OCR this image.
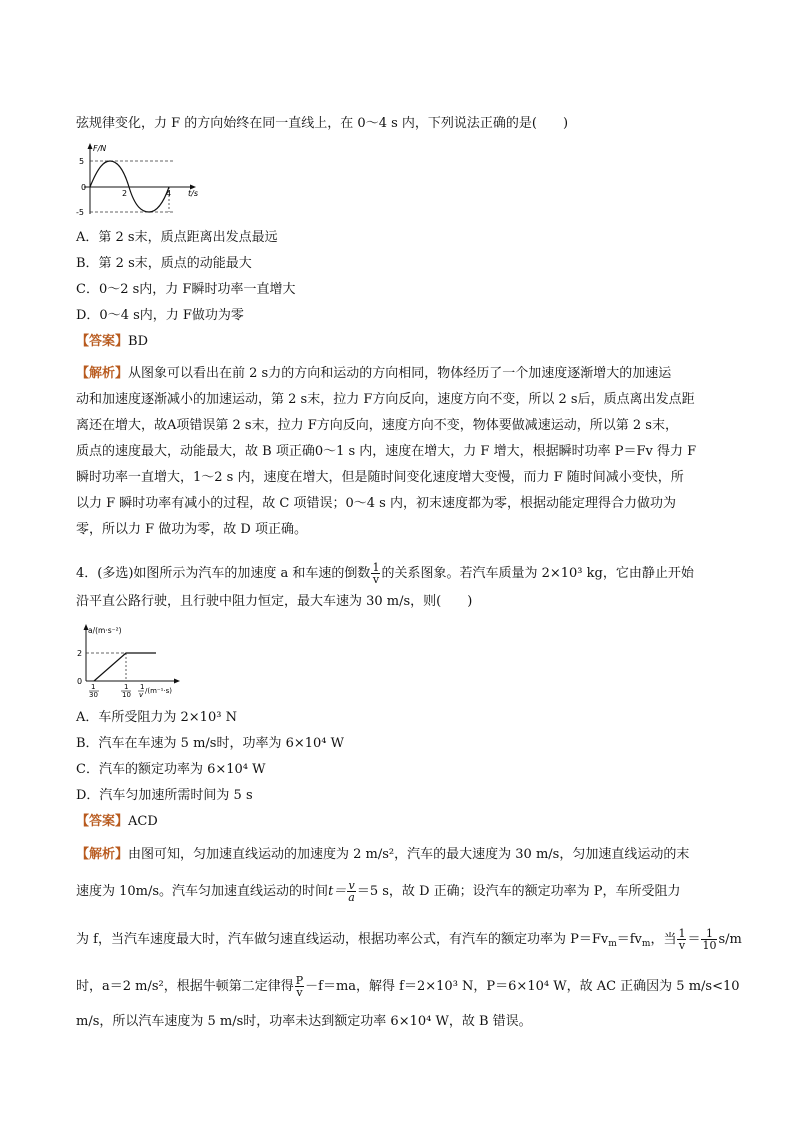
弦规律变化，力 F 的方向始终在同一直线上，在 0～4 s 内，下列说法正确的是(　　)
F/N
5
0
-5
2	4 t/s
A．第 2 s末，质点距离出发点最远
B．第 2 s末，质点的动能最大
C．0～2 s内，力 F瞬时功率一直增大
D．0～4 s内，力 F做功为零
【答案】BD
【解析】从图象可以看出在前 2 s力的方向和运动的方向相同，物体经历了一个加速度逐渐增大的加速运
动和加速度逐渐减小的加速运动，第 2 s末，拉力 F方向反向，速度方向不变，所以 2 s后，质点离出发点距
离还在增大，故A项错误第 2 s末，拉力 F方向反向，速度方向不变，物体要做减速运动，所以第 2 s末，
质点的速度最大，动能最大，故 B 项正确0～1 s 内，速度在增大，力 F 增大，根据瞬时功率 P＝Fv 得力 F
瞬时功率一直增大，1～2 s 内，速度在增大，但是随时间变化速度增大变慢，而力 F 随时间减小变快，所
以力 F 瞬时功率有减小的过程，故 C 项错误；0～4 s 内，初末速度都为零，根据动能定理得合力做功为
零，所以力 F 做功为零，故 D 项正确。
4．(多选)如图所示为汽车的加速度 a 和车速的倒数 $\frac{1}{v}$ 的关系图象。若汽车质量为 2×10³ kg，它由静止开始
沿平直公路行驶，且行驶中阻力恒定，最大车速为 30 m/s，则(　　)
a/(m·s⁻²)
2
0
1
30
1
10
1
v /(m⁻¹·s)
A．车所受阻力为 2×10³ N
B．汽车在车速为 5 m/s时，功率为 6×10⁴ W
C．汽车的额定功率为 6×10⁴ W
D．汽车匀加速所需时间为 5 s
【答案】ACD
【解析】由图可知，匀加速直线运动的加速度为 2 m/s²，汽车的最大速度为 30 m/s，匀加速直线运动的末
速度为 10m/s。汽车匀加速直线运动的时间$t= \frac{v}{a} =5$ s，故 D 正确；设汽车的额定功率为 P，车所受阻力
为 f，当汽车速度最大时，汽车做匀速直线运动，根据功率公式，有汽车的额定功率为 $P=Fv_m=fv_m$，当 $\frac{1}{v} = \frac{1}{10} s/m$
时，a＝2 m/s²，根据牛顿第二定律得 $\frac{P}{v} -f=ma$，解得 f＝2×10³ N，P＝6×10⁴ W，故 AC 正确因为 5 m/s<10
m/s，所以汽车速度为 5 m/s时，功率未达到额定功率 6×10⁴ W，故 B 错误。
